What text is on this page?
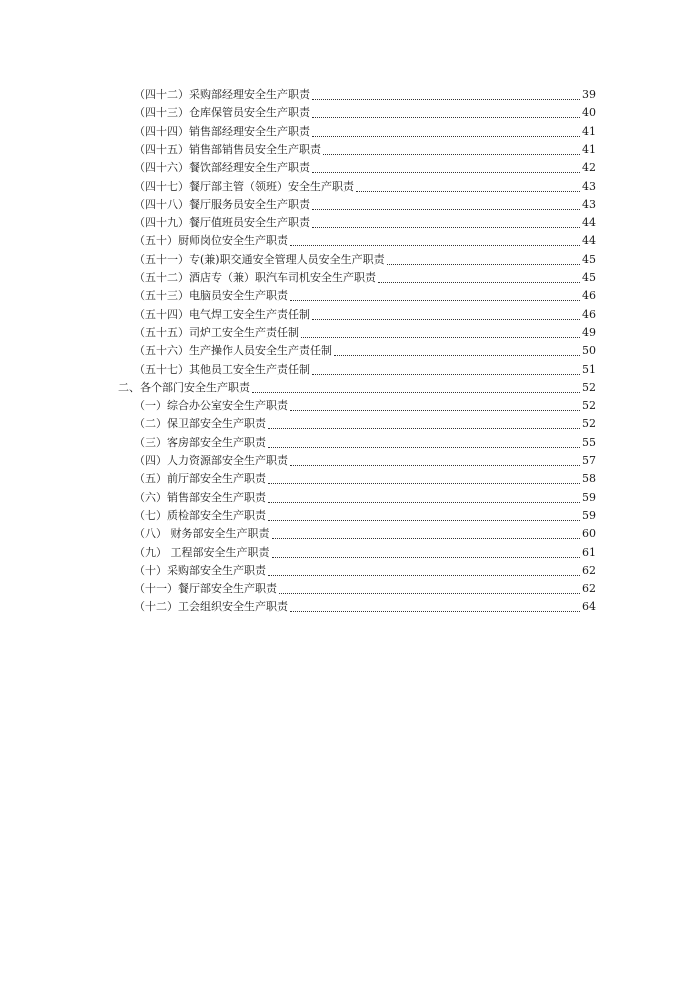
（四十二）采购部经理安全生产职责	39
（四十三）仓库保管员安全生产职责	40
（四十四）销售部经理安全生产职责	41
（四十五）销售部销售员安全生产职责	41
（四十六）餐饮部经理安全生产职责	42
（四十七）餐厅部主管（领班）安全生产职责	43
（四十八）餐厅服务员安全生产职责	43
（四十九）餐厅值班员安全生产职责	44
（五十）厨师岗位安全生产职责	44
（五十一）专(兼)职交通安全管理人员安全生产职责	45
（五十二）酒店专（兼）职汽车司机安全生产职责	45
（五十三）电脑员安全生产职责	46
（五十四）电气焊工安全生产责任制	46
（五十五）司炉工安全生产责任制	49
（五十六）生产操作人员安全生产责任制	50
（五十七）其他员工安全生产责任制	51
二、各个部门安全生产职责	52
（一）综合办公室安全生产职责	52
（二）保卫部安全生产职责	52
（三）客房部安全生产职责	55
（四）人力资源部安全生产职责	57
（五）前厅部安全生产职责	58
（六）销售部安全生产职责	59
（七）质检部安全生产职责	59
（八） 财务部安全生产职责	60
（九） 工程部安全生产职责	61
（十）采购部安全生产职责	62
（十一）餐厅部安全生产职责	62
（十二）工会组织安全生产职责	64
